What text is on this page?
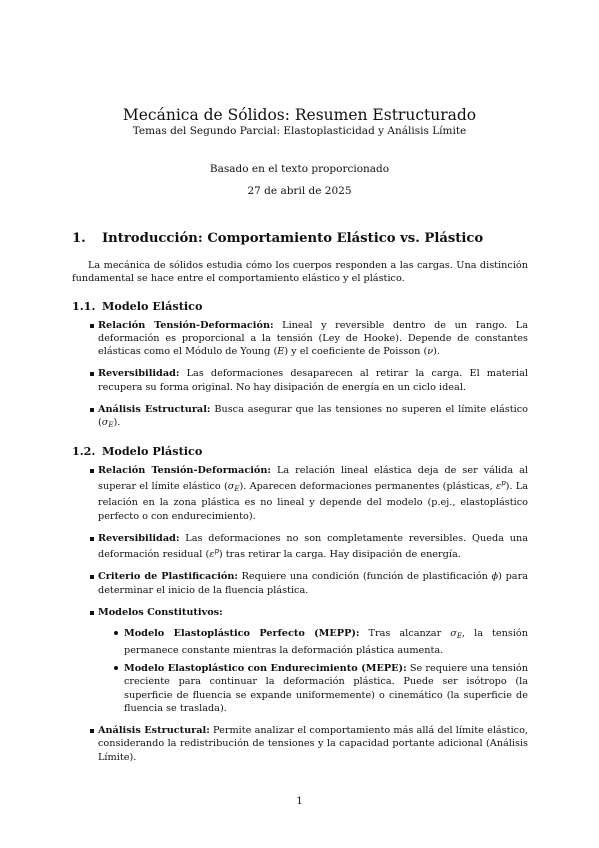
Mecánica de Sólidos: Resumen Estructurado
Temas del Segundo Parcial: Elastoplasticidad y Análisis Límite
Basado en el texto proporcionado
27 de abril de 2025
1.	Introducción: Comportamiento Elástico vs. Plástico

La mecánica de sólidos estudia cómo los cuerpos responden a las cargas. Una distinción fundamental se hace entre el comportamiento elástico y el plástico.

1.1. Modelo Elástico
Relación Tensión-Deformación: Lineal y reversible dentro de un rango. La deformación es proporcional a la tensión (Ley de Hooke). Depende de constantes elásticas como el Módulo de Young (E) y el coeficiente de Poisson (ν).
Reversibilidad: Las deformaciones desaparecen al retirar la carga. El material recupera su forma original. No hay disipación de energía en un ciclo ideal.
Análisis Estructural: Busca asegurar que las tensiones no superen el límite elástico $(\sigma_E)$.
1.2. Modelo Plástico
Relación Tensión-Deformación: La relación lineal elástica deja de ser válida al superar el límite elástico $(\sigma_E)$. Aparecen deformaciones permanentes (plásticas, $\varepsilon^p$). La relación en la zona plástica es no lineal y depende del modelo (p.ej., elastoplástico perfecto o con endurecimiento).
Reversibilidad: Las deformaciones no son completamente reversibles. Queda una deformación residual $(\varepsilon^p)$ tras retirar la carga. Hay disipación de energía.
Criterio de Plastificación: Requiere una condición (función de plastificación ϕ) para determinar el inicio de la fluencia plástica.
Modelos Constitutivos:
Modelo Elastoplástico Perfecto (MEPP): Tras alcanzar $\sigma_E$, la tensión permanece constante mientras la deformación plástica aumenta.
Modelo Elastoplástico con Endurecimiento (MEPE): Se requiere una tensión creciente para continuar la deformación plástica. Puede ser isótropo (la superficie de fluencia se expande uniformemente) o cinemático (la superficie de fluencia se traslada).
Análisis Estructural: Permite analizar el comportamiento más allá del límite elástico, considerando la redistribución de tensiones y la capacidad portante adicional (Análisis Límite).
1
